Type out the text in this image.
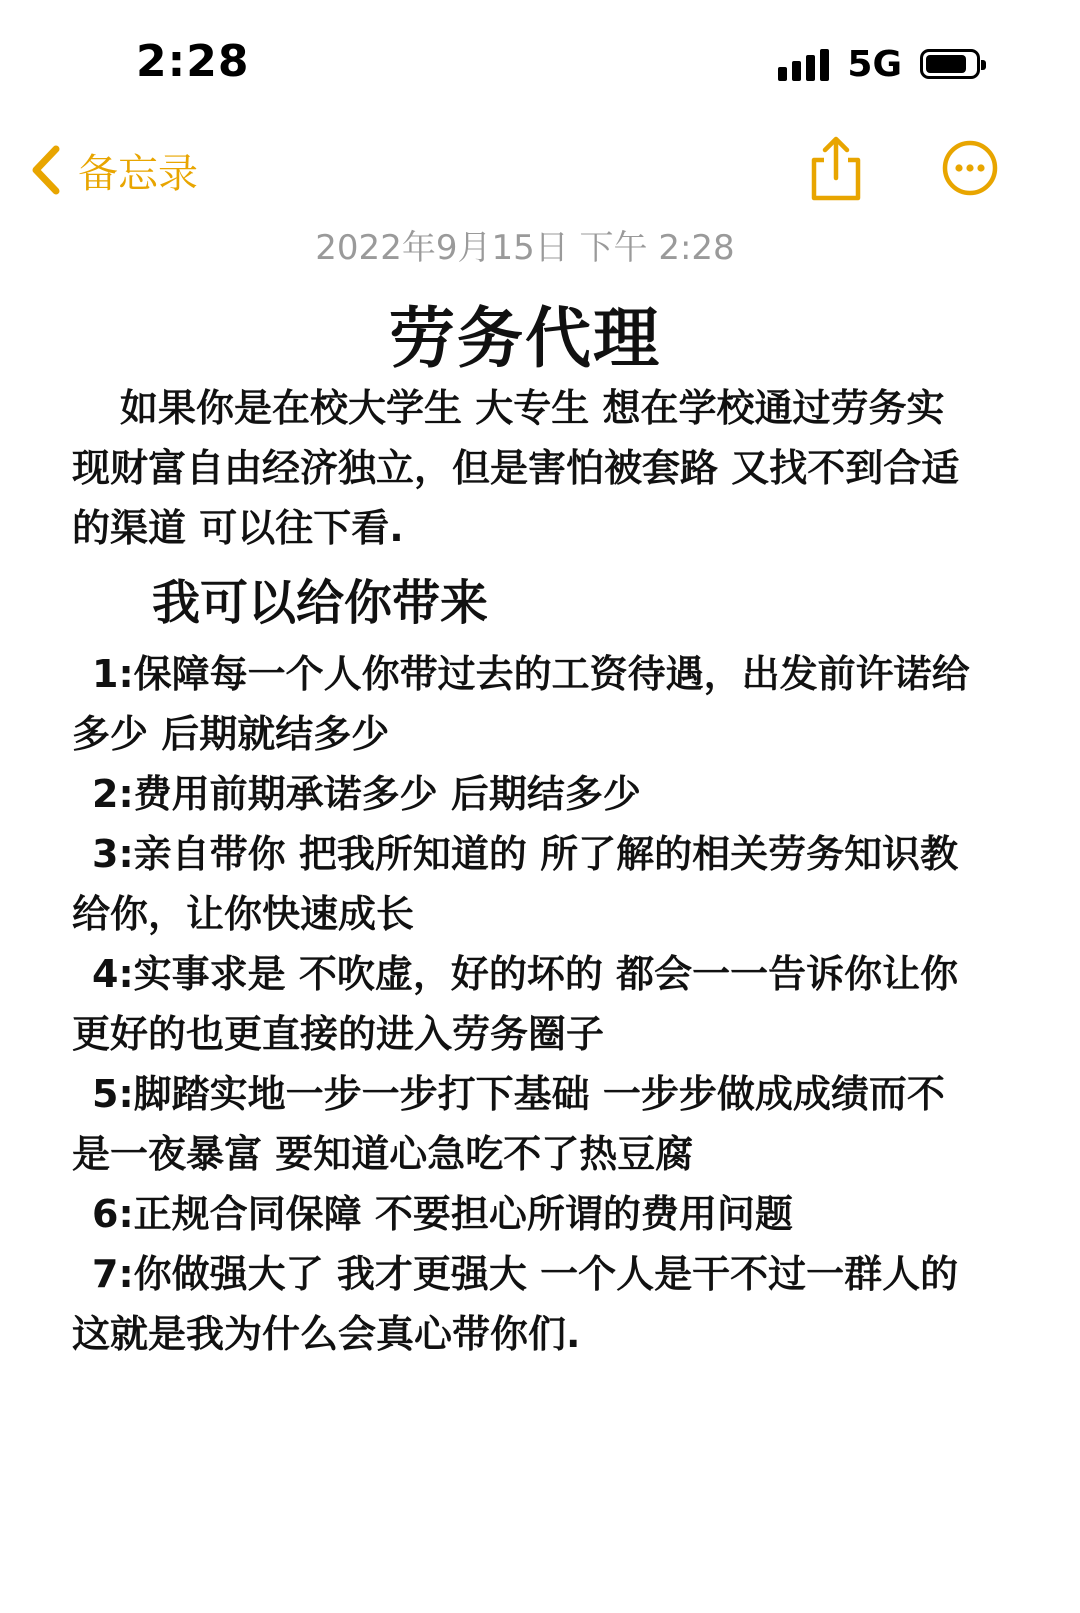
2:28	5G
备忘录
2022年9月15日 下午 2:28
劳务代理

如果你是在校大学生 大专生 想在学校通过劳务实现财富自由经济独立，但是害怕被套路 又找不到合适的渠道 可以往下看.

我可以给你带来

1:保障每一个人你带过去的工资待遇，出发前许诺给多少 后期就结多少

2:费用前期承诺多少 后期结多少

3:亲自带你 把我所知道的 所了解的相关劳务知识教给你，让你快速成长

4:实事求是 不吹虚，好的坏的 都会一一告诉你让你更好的也更直接的进入劳务圈子

5:脚踏实地一步一步打下基础 一步步做成成绩而不是一夜暴富 要知道心急吃不了热豆腐

6:正规合同保障 不要担心所谓的费用问题

7:你做强大了 我才更强大 一个人是干不过一群人的 这就是我为什么会真心带你们.
